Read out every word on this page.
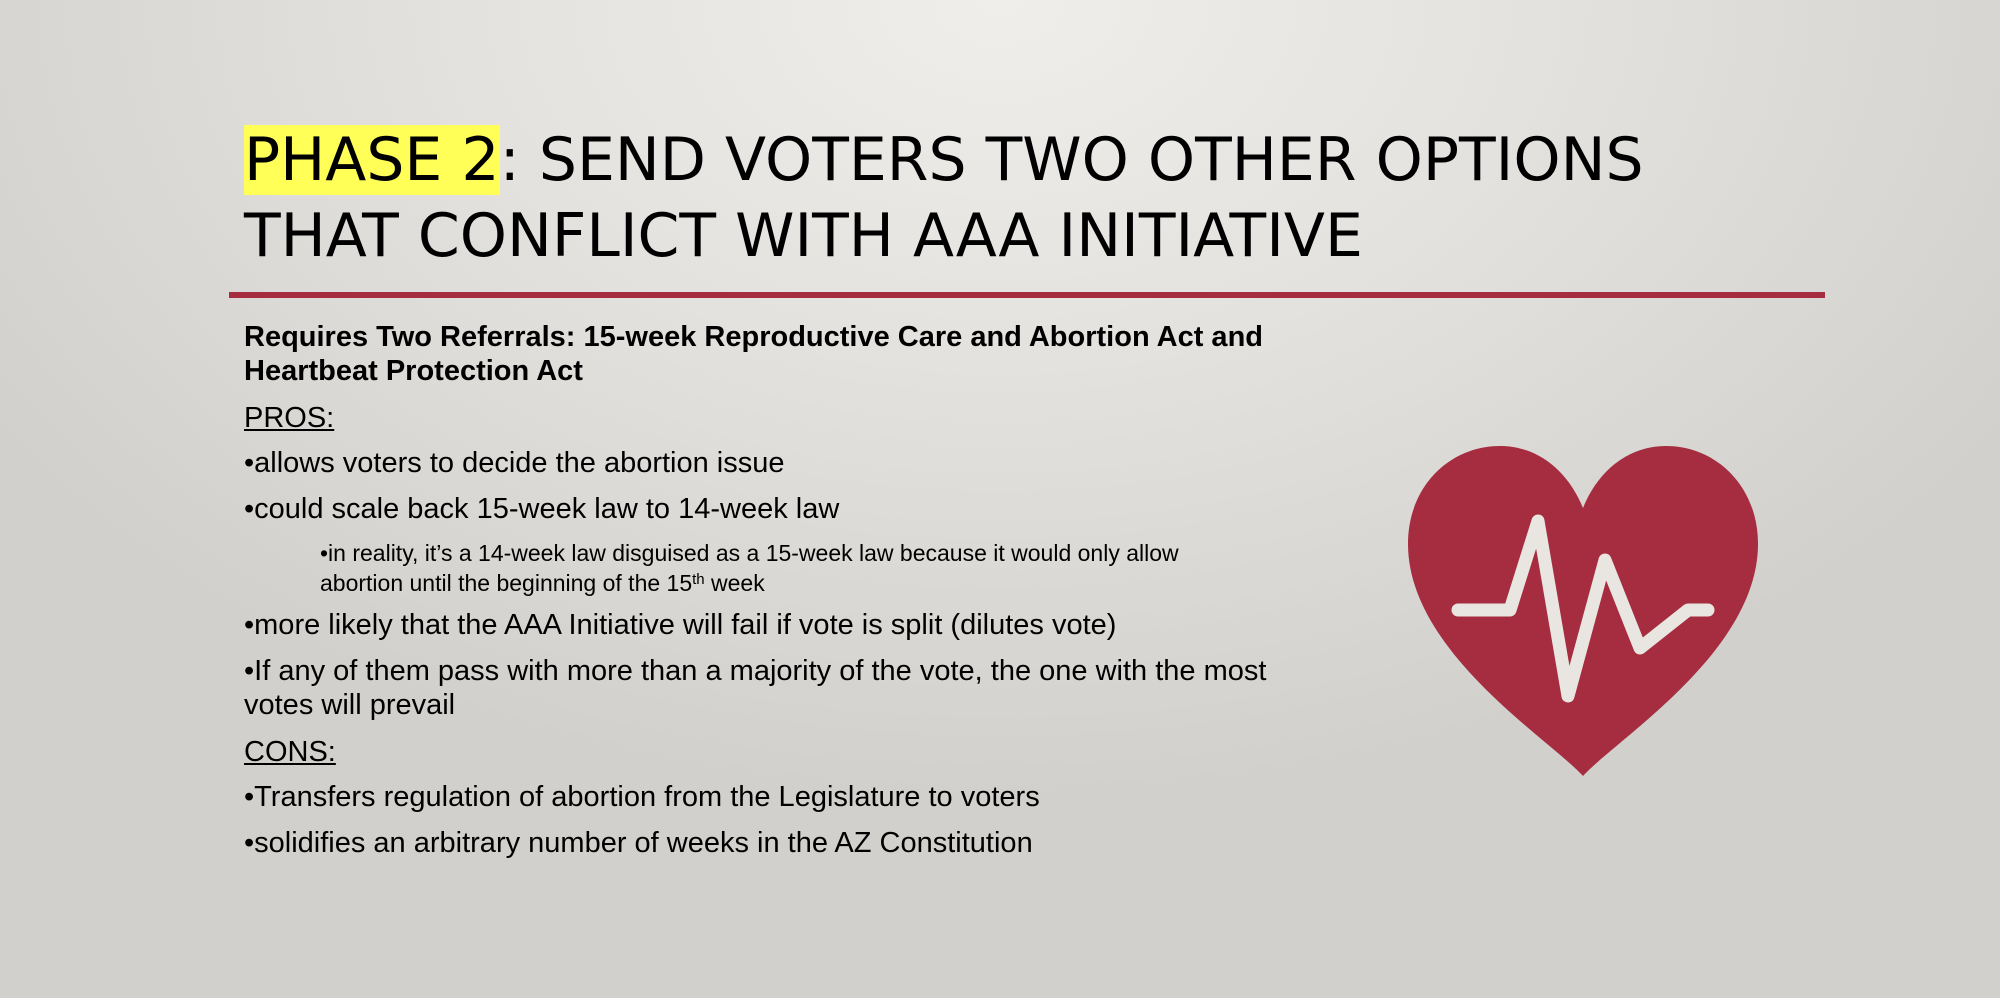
PHASE 2: SEND VOTERS TWO OTHER OPTIONS
THAT CONFLICT WITH AAA INITIATIVE
Requires Two Referrals: 15-week Reproductive Care and Abortion Act and
Heartbeat Protection Act
PROS:
•allows voters to decide the abortion issue
•could scale back 15-week law to 14-week law
•in reality, it’s a 14-week law disguised as a 15-week law because it would only allow
abortion until the beginning of the 15th week
•more likely that the AAA Initiative will fail if vote is split (dilutes vote)
•If any of them pass with more than a majority of the vote, the one with the most
votes will prevail
CONS:
•Transfers regulation of abortion from the Legislature to voters
•solidifies an arbitrary number of weeks in the AZ Constitution
